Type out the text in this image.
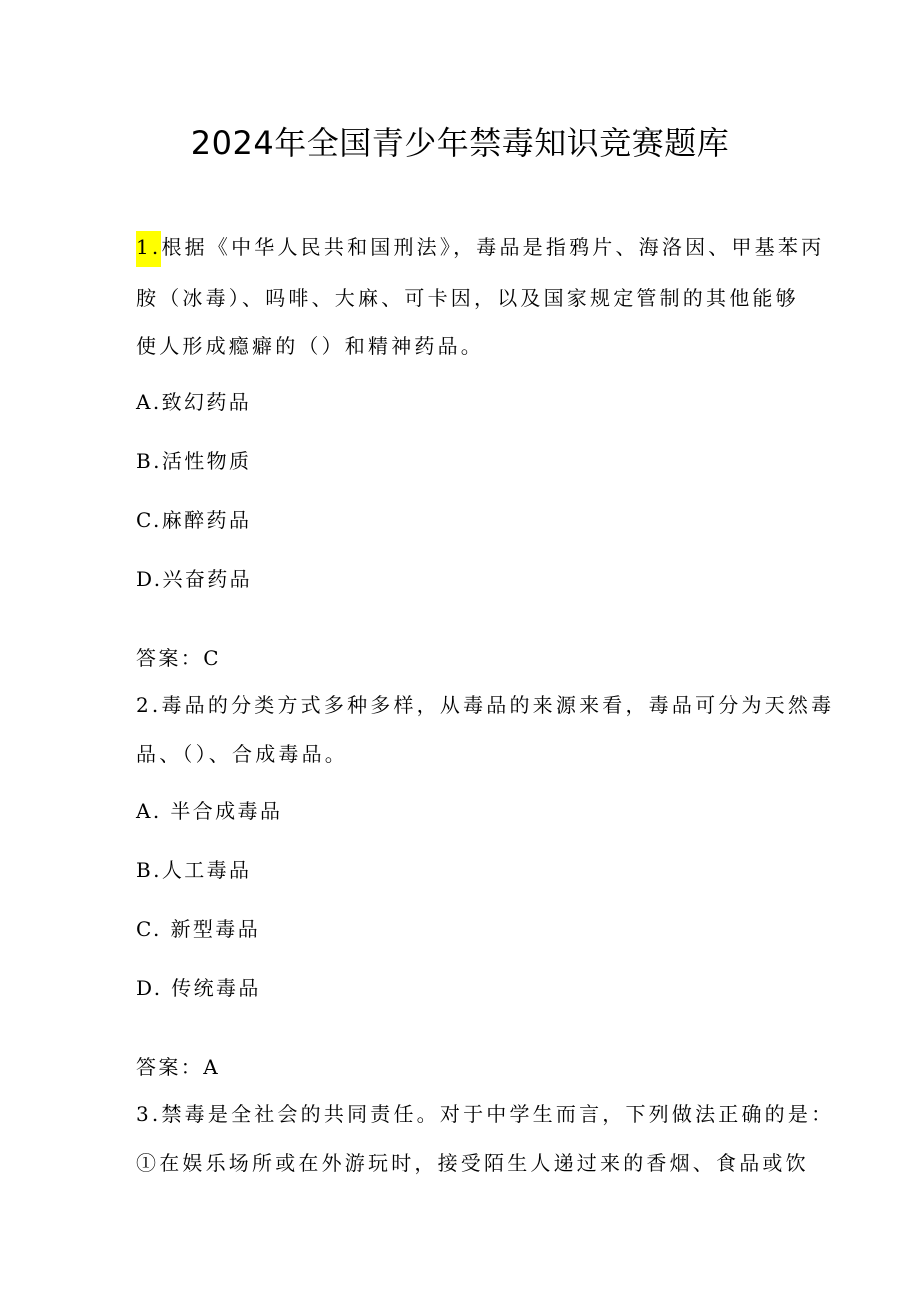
2024年全国青少年禁毒知识竞赛题库
1.根据《中华人民共和国刑法》，毒品是指鸦片、海洛因、甲基苯丙
胺（冰毒）、吗啡、大麻、可卡因，以及国家规定管制的其他能够
使人形成瘾癖的（）和精神药品。
A.致幻药品
B.活性物质
C.麻醉药品
D.兴奋药品
答案：C
2.毒品的分类方式多种多样，从毒品的来源来看，毒品可分为天然毒
品、（）、合成毒品。
A. 半合成毒品
B.人工毒品
C. 新型毒品
D. 传统毒品
答案：A
3.禁毒是全社会的共同责任。对于中学生而言，下列做法正确的是：
①在娱乐场所或在外游玩时，接受陌生人递过来的香烟、食品或饮
